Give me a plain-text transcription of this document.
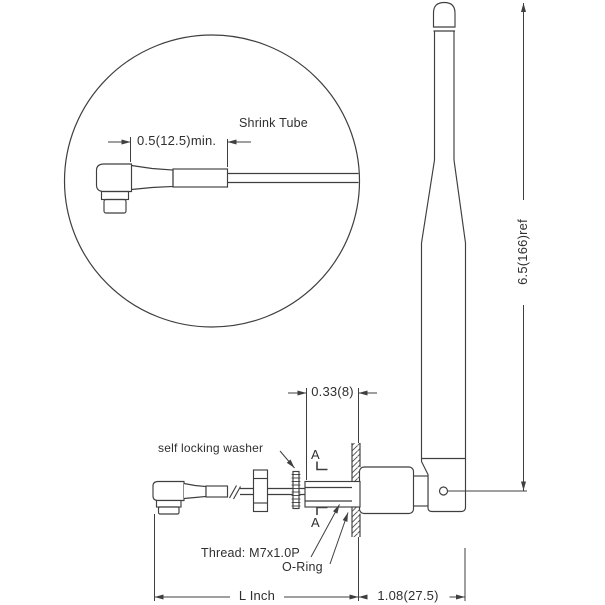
Shrink Tube
0.5(12.5)min.
self locking washer	A
A
Thread: M7x1.0P
O-Ring
0.33(8)
L Inch	1.08(27.5)
6.5(166)ref
